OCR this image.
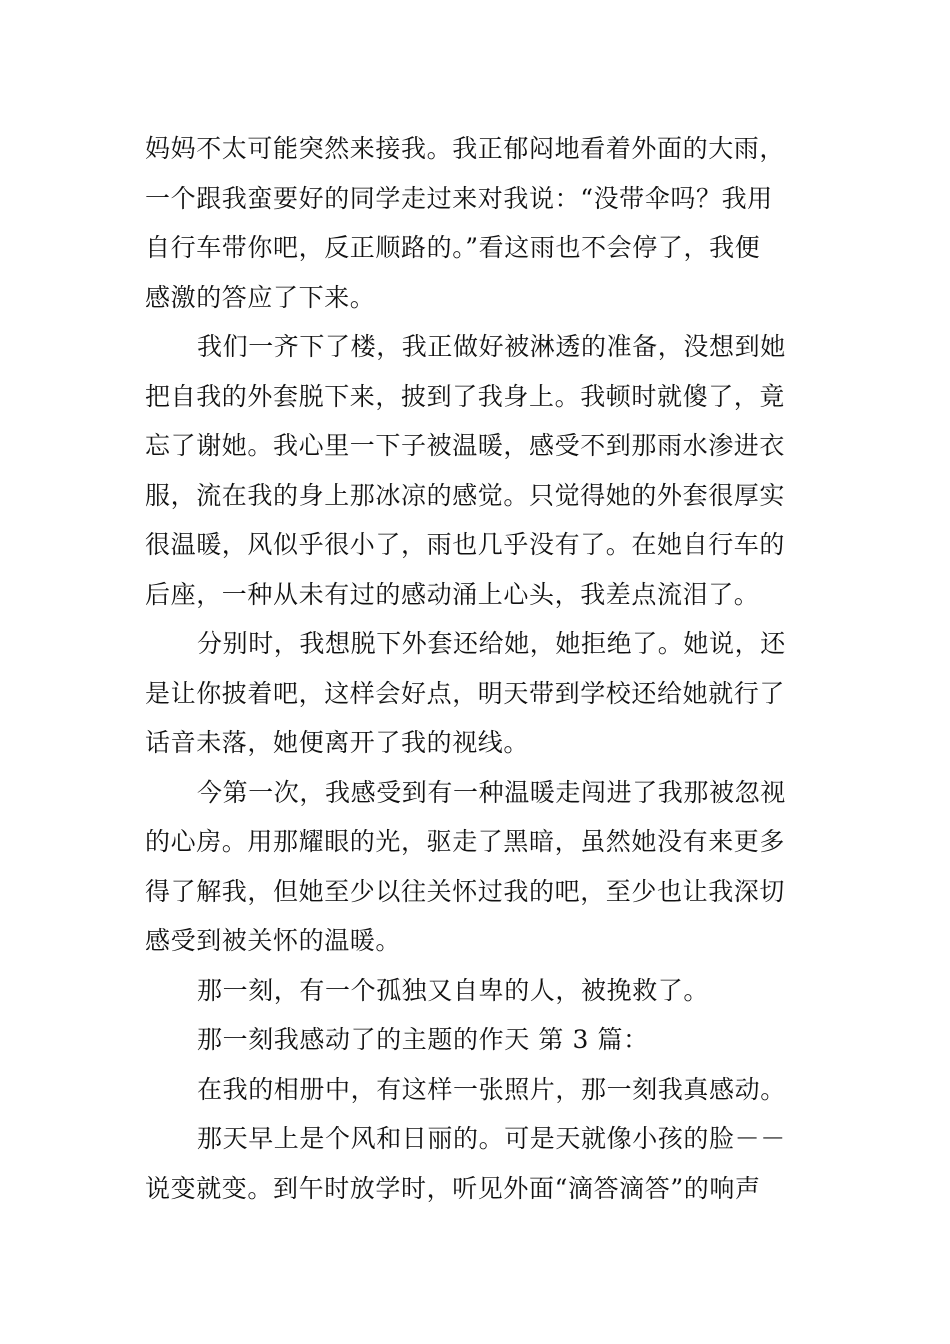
妈妈不太可能突然来接我。我正郁闷地看着外面的大雨，
一个跟我蛮要好的同学走过来对我说：“没带伞吗？我用
自行车带你吧，反正顺路的。”看这雨也不会停了，我便
感激的答应了下来。
我们一齐下了楼，我正做好被淋透的准备，没想到她
把自我的外套脱下来，披到了我身上。我顿时就傻了，竟
忘了谢她。我心里一下子被温暖，感受不到那雨水渗进衣
服，流在我的身上那冰凉的感觉。只觉得她的外套很厚实
很温暖，风似乎很小了，雨也几乎没有了。在她自行车的
后座，一种从未有过的感动涌上心头，我差点流泪了。
分别时，我想脱下外套还给她，她拒绝了。她说，还
是让你披着吧，这样会好点，明天带到学校还给她就行了
话音未落，她便离开了我的视线。
今第一次，我感受到有一种温暖走闯进了我那被忽视
的心房。用那耀眼的光，驱走了黑暗，虽然她没有来更多
得了解我，但她至少以往关怀过我的吧，至少也让我深切
感受到被关怀的温暖。
那一刻，有一个孤独又自卑的人，被挽救了。
那一刻我感动了的主题的作天 第 3 篇：
在我的相册中，有这样一张照片，那一刻我真感动。
那天早上是个风和日丽的。可是天就像小孩的脸－－
说变就变。到午时放学时，听见外面“滴答滴答”的响声
